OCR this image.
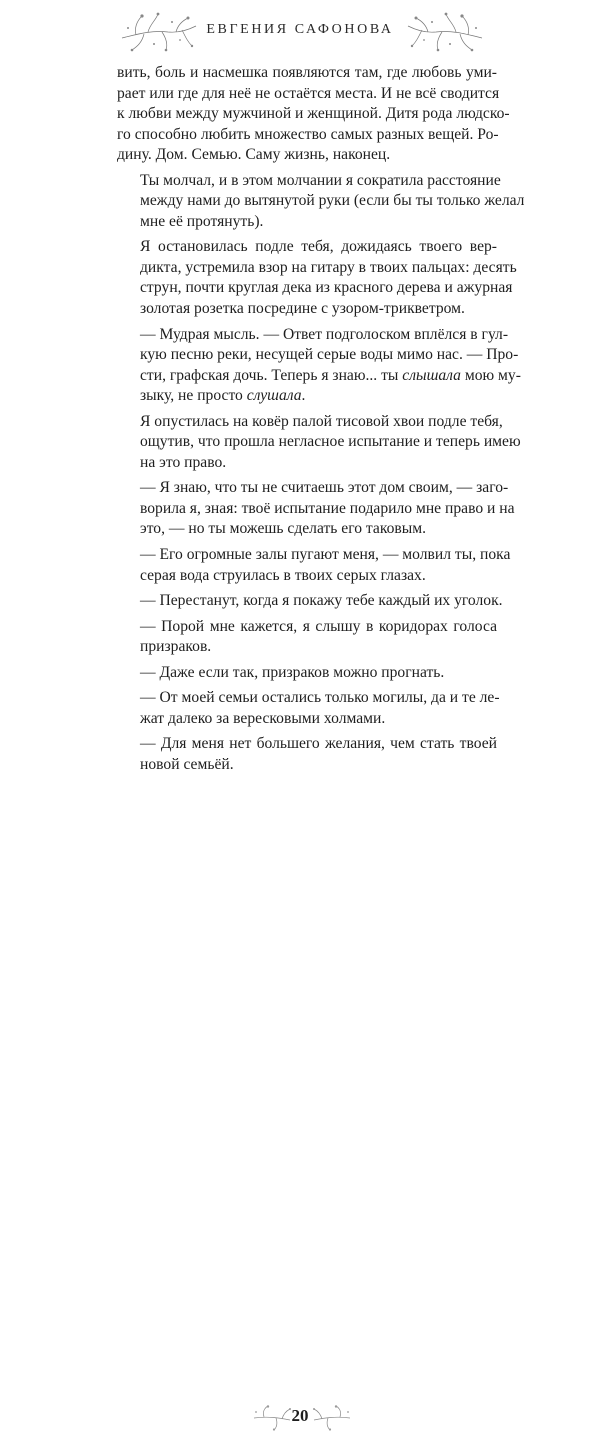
ЕВГЕНИЯ САФОНОВА

вить, боль и насмешка появляются там, где любовь уми-
рает или где для неё не остаётся места. И не всё сводится
к любви между мужчиной и женщиной. Дитя рода людско-
го способно любить множество самых разных вещей. Ро-
дину. Дом. Семью. Саму жизнь, наконец.

Ты молчал, и в этом молчании я сократила расстояние
между нами до вытянутой руки (если бы ты только желал
мне её протянуть).

Я остановилась подле тебя, дожидаясь твоего вер-
дикта, устремила взор на гитару в твоих пальцах: десять
струн, почти круглая дека из красного дерева и ажурная
золотая розетка посредине с узором-трикветром.

— Мудрая мысль. — Ответ подголоском вплёлся в гул-
кую песню реки, несущей серые воды мимо нас. — Про-
сти, графская дочь. Теперь я знаю... ты слышала мою му-
зыку, не просто слушала.

Я опустилась на ковёр палой тисовой хвои подле тебя,
ощутив, что прошла негласное испытание и теперь имею
на это право.

— Я знаю, что ты не считаешь этот дом своим, — заго-
ворила я, зная: твоё испытание подарило мне право и на
это, — но ты можешь сделать его таковым.

— Его огромные залы пугают меня, — молвил ты, пока
серая вода струилась в твоих серых глазах.

— Перестанут, когда я покажу тебе каждый их уголок.

— Порой мне кажется, я слышу в коридорах голоса
призраков.

— Даже если так, призраков можно прогнать.

— От моей семьи остались только могилы, да и те ле-
жат далеко за вересковыми холмами.

— Для меня нет большего желания, чем стать твоей
новой семьёй.

20
